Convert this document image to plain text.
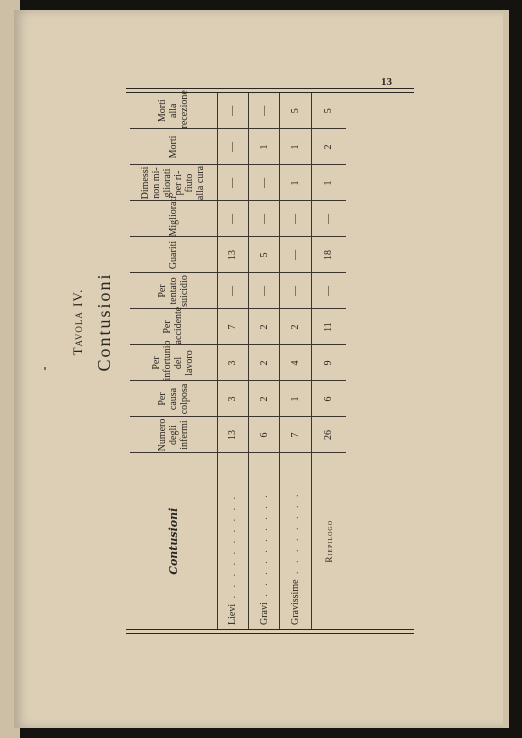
13
Tavola IV. Contusioni
Contusioni	Numero degli infermi	Per causa colposa	Per infortunio del lavoro	Per accidente	Per tentato suicidio	Guariti	Migliorati	Dimessi non mi-gliorati per ri-fiuto alla cura	Morti	Morti alla recezione
Lievi . . . . . . . . . .	13	3	3	7	—	13	—	—	—	—
Gravi . . . . . . . . . .	6	2	2	2	—	5	—	—	1	—
Gravissime . . . . . . . .	7	1	4	2	—	—	—	1	1	5
Riepilogo	26	6	9	11	—	18	—	1	2	5
